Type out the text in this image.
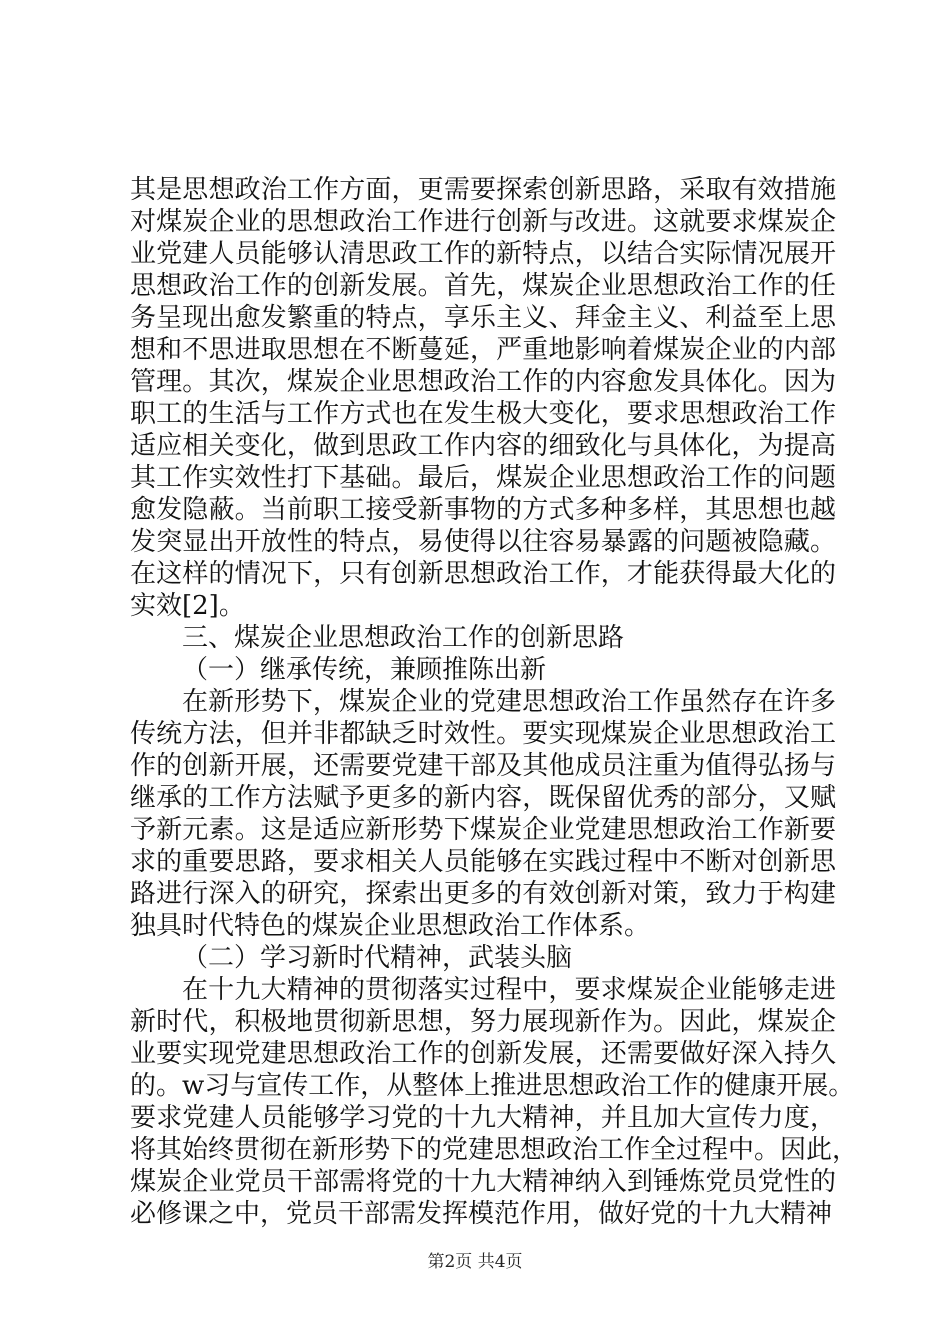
其是思想政治工作方面，更需要探索创新思路，采取有效措施
对煤炭企业的思想政治工作进行创新与改进。这就要求煤炭企
业党建人员能够认清思政工作的新特点，以结合实际情况展开
思想政治工作的创新发展。首先，煤炭企业思想政治工作的任
务呈现出愈发繁重的特点，享乐主义、拜金主义、利益至上思
想和不思进取思想在不断蔓延，严重地影响着煤炭企业的内部
管理。其次，煤炭企业思想政治工作的内容愈发具体化。因为
职工的生活与工作方式也在发生极大变化，要求思想政治工作
适应相关变化，做到思政工作内容的细致化与具体化，为提高
其工作实效性打下基础。最后，煤炭企业思想政治工作的问题
愈发隐蔽。当前职工接受新事物的方式多种多样，其思想也越
发突显出开放性的特点，易使得以往容易暴露的问题被隐藏。
在这样的情况下，只有创新思想政治工作，才能获得最大化的
实效[2]。
三、煤炭企业思想政治工作的创新思路
（一）继承传统，兼顾推陈出新
在新形势下，煤炭企业的党建思想政治工作虽然存在许多
传统方法，但并非都缺乏时效性。要实现煤炭企业思想政治工
作的创新开展，还需要党建干部及其他成员注重为值得弘扬与
继承的工作方法赋予更多的新内容，既保留优秀的部分，又赋
予新元素。这是适应新形势下煤炭企业党建思想政治工作新要
求的重要思路，要求相关人员能够在实践过程中不断对创新思
路进行深入的研究，探索出更多的有效创新对策，致力于构建
独具时代特色的煤炭企业思想政治工作体系。
（二）学习新时代精神，武装头脑
在十九大精神的贯彻落实过程中，要求煤炭企业能够走进
新时代，积极地贯彻新思想，努力展现新作为。因此，煤炭企
业要实现党建思想政治工作的创新发展，还需要做好深入持久
的。w习与宣传工作，从整体上推进思想政治工作的健康开展。
要求党建人员能够学习党的十九大精神，并且加大宣传力度，
将其始终贯彻在新形势下的党建思想政治工作全过程中。因此，
煤炭企业党员干部需将党的十九大精神纳入到锤炼党员党性的
必修课之中，党员干部需发挥模范作用，做好党的十九大精神
第2页 共4页
